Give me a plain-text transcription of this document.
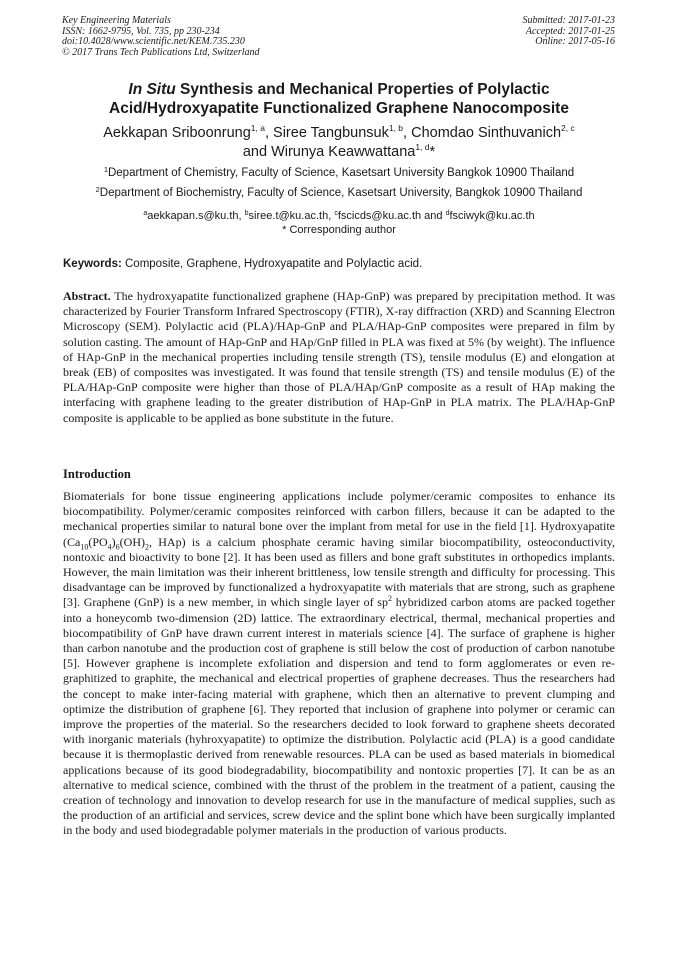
Key Engineering Materials
ISSN: 1662-9795, Vol. 735, pp 230-234
doi:10.4028/www.scientific.net/KEM.735.230
© 2017 Trans Tech Publications Ltd, Switzerland
Submitted: 2017-01-23
Accepted: 2017-01-25
Online: 2017-05-16
In Situ Synthesis and Mechanical Properties of Polylactic
Acid/Hydroxyapatite Functionalized Graphene Nanocomposite
Aekkapan Sriboonrung$^{1, a}$, Siree Tangbunsuk$^{1, b}$, Chomdao Sinthuvanich$^{2, c}$
and Wirunya Keawwattana$^{1, d}$*
$^1$Department of Chemistry, Faculty of Science, Kasetsart University Bangkok 10900 Thailand
$^2$Department of Biochemistry, Faculty of Science, Kasetsart University, Bangkok 10900 Thailand
$^a$aekkapan.s@ku.th, $^b$siree.t@ku.ac.th, $^c$fscicds@ku.ac.th and $^d$fsciwyk@ku.ac.th
* Corresponding author
Keywords: Composite, Graphene, Hydroxyapatite and Polylactic acid.
Abstract. The hydroxyapatite functionalized graphene (HAp-GnP) was prepared by precipitation method. It was characterized by Fourier Transform Infrared Spectroscopy (FTIR), X-ray diffraction (XRD) and Scanning Electron Microscopy (SEM). Polylactic acid (PLA)/HAp-GnP and PLA/HAp-GnP composites were prepared in film by solution casting. The amount of HAp-GnP and HAp/GnP filled in PLA was fixed at 5% (by weight). The influence of HAp-GnP in the mechanical properties including tensile strength (TS), tensile modulus (E) and elongation at break (EB) of composites was investigated. It was found that tensile strength (TS) and tensile modulus (E) of the PLA/HAp-GnP composite were higher than those of PLA/HAp/GnP composite as a result of HAp making the interfacing with graphene leading to the greater distribution of HAp-GnP in PLA matrix. The PLA/HAp-GnP composite is applicable to be applied as bone substitute in the future.
Introduction
Biomaterials for bone tissue engineering applications include polymer/ceramic composites to enhance its biocompatibility. Polymer/ceramic composites reinforced with carbon fillers, because it can be adapted to the mechanical properties similar to natural bone over the implant from metal for use in the field [1]. Hydroxyapatite ($Ca_{10}(PO_4)_6(OH)_2$, HAp) is a calcium phosphate ceramic having similar biocompatibility, osteoconductivity, nontoxic and bioactivity to bone [2]. It has been used as fillers and bone graft substitutes in orthopedics implants. However, the main limitation was their inherent brittleness, low tensile strength and difficulty for processing. This disadvantage can be improved by functionalized a hydroxyapatite with materials that are strong, such as graphene [3]. Graphene (GnP) is a new member, in which single layer of $sp^2$ hybridized carbon atoms are packed together into a honeycomb two-dimension (2D) lattice. The extraordinary electrical, thermal, mechanical properties and biocompatibility of GnP have drawn current interest in materials science [4]. The surface of graphene is higher than carbon nanotube and the production cost of graphene is still below the cost of production of carbon nanotube [5]. However graphene is incomplete exfoliation and dispersion and tend to form agglomerates or even re-graphitized to graphite, the mechanical and electrical properties of graphene decreases. Thus the researchers had the concept to make inter-facing material with graphene, which then an alternative to prevent clumping and optimize the distribution of graphene [6]. They reported that inclusion of graphene into polymer or ceramic can improve the properties of the material. So the researchers decided to look forward to graphene sheets decorated with inorganic materials (hyhroxyapatite) to optimize the distribution. Polylactic acid (PLA) is a good candidate because it is thermoplastic derived from renewable resources. PLA can be used as based materials in biomedical applications because of its good biodegradability, biocompatibility and nontoxic properties [7]. It can be as an alternative to medical science, combined with the thrust of the problem in the treatment of a patient, causing the creation of technology and innovation to develop research for use in the manufacture of medical supplies, such as the production of an artificial and services, screw device and the splint bone which have been surgically implanted in the body and used biodegradable polymer materials in the production of various products.
